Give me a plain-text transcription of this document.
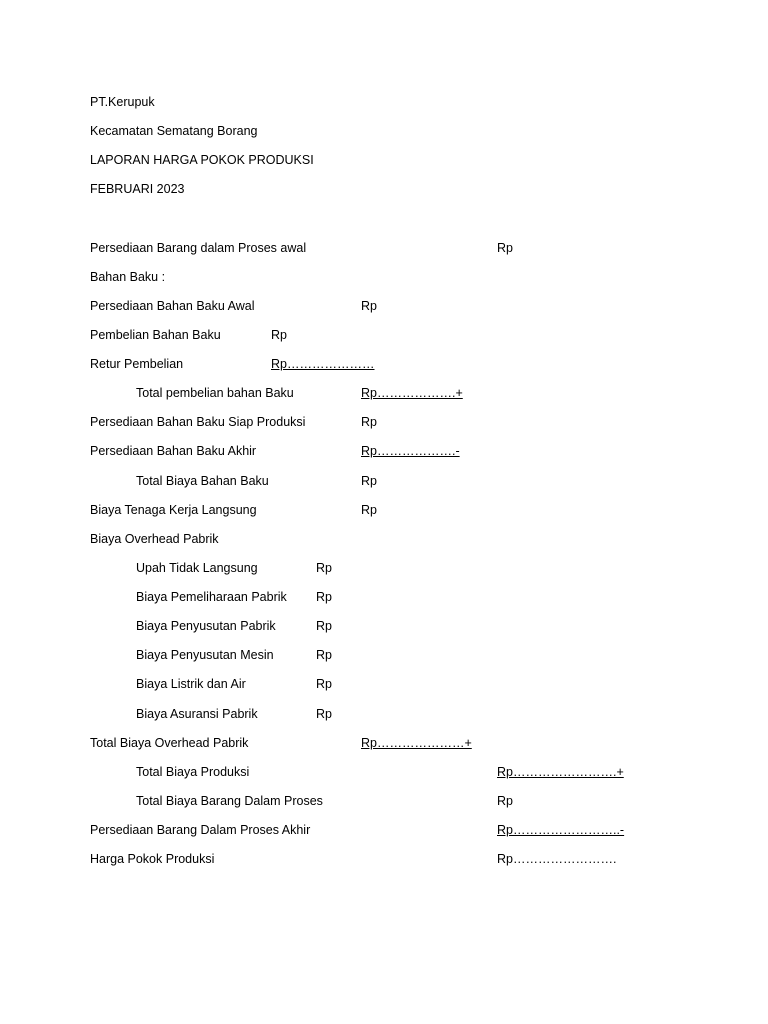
PT.Kerupuk
Kecamatan Sematang Borang
LAPORAN HARGA POKOK PRODUKSI
FEBRUARI 2023
Persediaan Barang dalam Proses awal	Rp
Bahan Baku :
Persediaan Bahan Baku Awal	Rp
Pembelian Bahan Baku	Rp
Retur Pembelian	Rp…………………
Total pembelian bahan Baku	Rp……………….+
Persediaan Bahan Baku Siap Produksi	Rp
Persediaan Bahan Baku Akhir	Rp……………….-
Total Biaya Bahan Baku	Rp
Biaya Tenaga Kerja Langsung	Rp
Biaya Overhead Pabrik
Upah Tidak Langsung	Rp
Biaya Pemeliharaan Pabrik Rp
Biaya Penyusutan Pabrik	Rp
Biaya Penyusutan Mesin	Rp
Biaya Listrik dan Air	Rp
Biaya Asuransi Pabrik	Rp
Total Biaya Overhead Pabrik	Rp…………………+
Total Biaya Produksi	Rp…………………….+
Total Biaya Barang Dalam Proses	Rp
Persediaan Barang Dalam Proses Akhir	Rp……………………..-
Harga Pokok Produksi	Rp…………………….
